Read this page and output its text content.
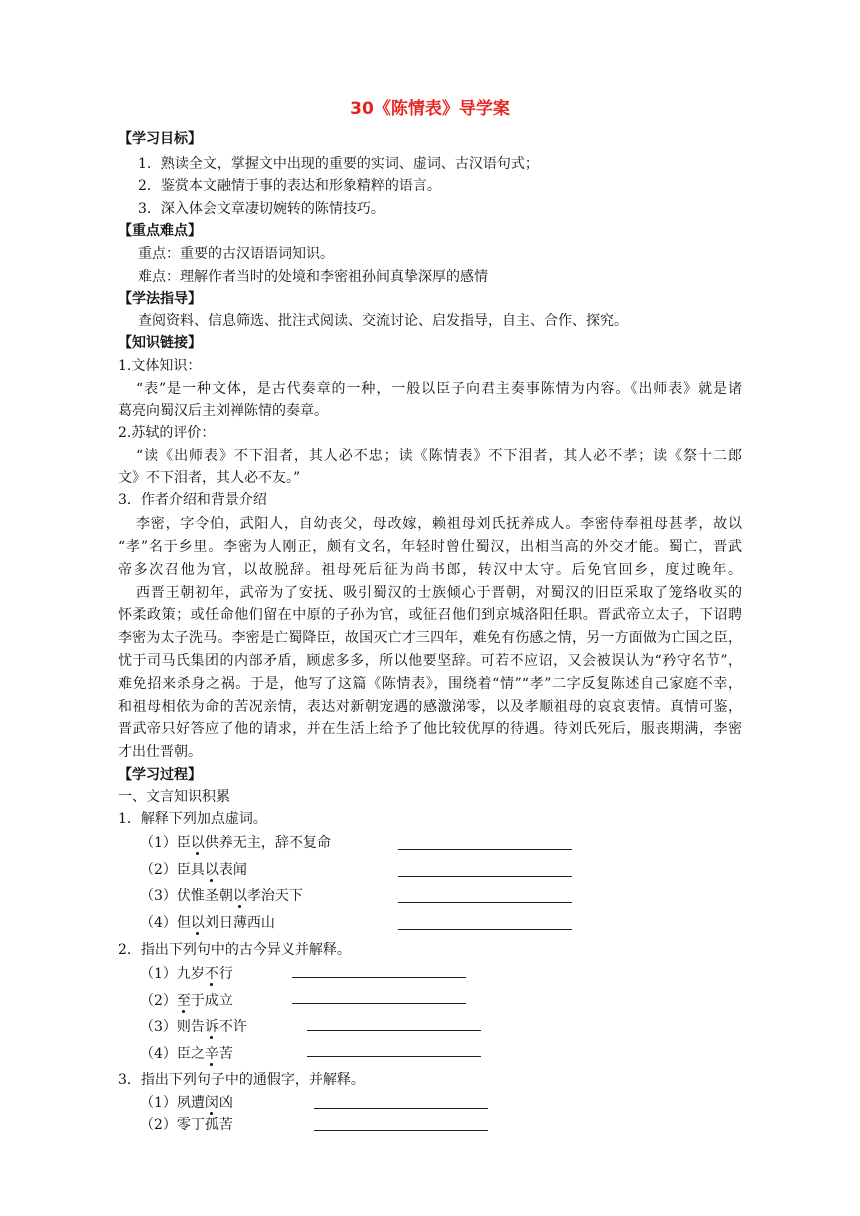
30《陈情表》导学案
【学习目标】
1．熟读全文，掌握文中出现的重要的实词、虚词、古汉语句式；
2．鉴赏本文融情于事的表达和形象精粹的语言。
3．深入体会文章凄切婉转的陈情技巧。
【重点难点】
重点：重要的古汉语语词知识。
难点：理解作者当时的处境和李密祖孙间真挚深厚的感情
【学法指导】
查阅资料、信息筛选、批注式阅读、交流讨论、启发指导，自主、合作、探究。
【知识链接】
1.文体知识：
“表”是一种文体，是古代奏章的一种，一般以臣子向君主奏事陈情为内容。《出师表》就是诸
葛亮向蜀汉后主刘禅陈情的奏章。
2.苏轼的评价：
“读《出师表》不下泪者，其人必不忠；读《陈情表》不下泪者，其人必不孝；读《祭十二郎
文》不下泪者，其人必不友。”
3．作者介绍和背景介绍
李密，字令伯，武阳人，自幼丧父，母改嫁，赖祖母刘氏抚养成人。李密侍奉祖母甚孝，故以
“孝”名于乡里。李密为人刚正，颇有文名，年轻时曾仕蜀汉，出相当高的外交才能。蜀亡，晋武
帝多次召他为官，以故脱辞。祖母死后征为尚书郎，转汉中太守。后免官回乡，度过晚年。
西晋王朝初年，武帝为了安抚、吸引蜀汉的士族倾心于晋朝，对蜀汉的旧臣采取了笼络收买的
怀柔政策；或任命他们留在中原的子孙为官，或征召他们到京城洛阳任职。晋武帝立太子，下诏聘
李密为太子洗马。李密是亡蜀降臣，故国灭亡才三四年，难免有伤感之情，另一方面做为亡国之臣，
忧于司马氏集团的内部矛盾，顾虑多多，所以他要坚辞。可若不应诏，又会被误认为“矜守名节”，
难免招来杀身之祸。于是，他写了这篇《陈情表》，围绕着“情”“孝”二字反复陈述自己家庭不幸，
和祖母相依为命的苦况亲情，表达对新朝宠遇的感激涕零，以及孝顺祖母的哀哀衷情。真情可鉴，
晋武帝只好答应了他的请求，并在生活上给予了他比较优厚的待遇。待刘氏死后，服丧期满，李密
才出仕晋朝。
【学习过程】
一、文言知识积累
1．解释下列加点虚词。
（1）臣以供养无主，辞不复命
（2）臣具以表闻
（3）伏惟圣朝以孝治天下
（4）但以刘日薄西山
2．指出下列句中的古今异义并解释。
（1）九岁不行
（2）至于成立
（3）则告诉不许
（4）臣之辛苦
3．指出下列句子中的通假字，并解释。
（1）夙遭闵凶
（2）零丁孤苦
